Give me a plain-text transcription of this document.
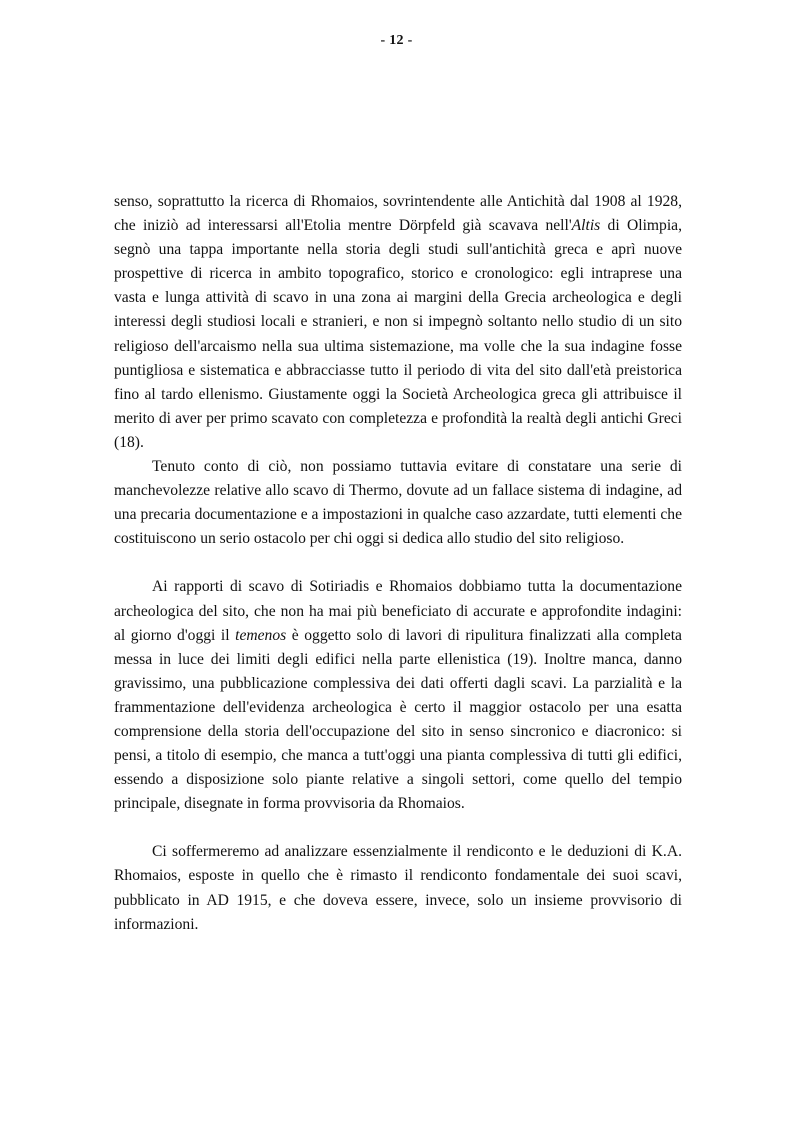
- 12 -

senso, soprattutto la ricerca di Rhomaios, sovrintendente alle Antichità dal 1908 al 1928, che iniziò ad interessarsi all'Etolia mentre Dörpfeld già scavava nell'Altis di Olimpia, segnò una tappa importante nella storia degli studi sull'antichità greca e aprì nuove prospettive di ricerca in ambito topografico, storico e cronologico: egli intraprese una vasta e lunga attività di scavo in una zona ai margini della Grecia archeologica e degli interessi degli studiosi locali e stranieri, e non si impegnò soltanto nello studio di un sito religioso dell'arcaismo nella sua ultima sistemazione, ma volle che la sua indagine fosse puntigliosa e sistematica e abbracciasse tutto il periodo di vita del sito dall'età preistorica fino al tardo ellenismo. Giustamente oggi la Società Archeologica greca gli attribuisce il merito di aver per primo scavato con completezza e profondità la realtà degli antichi Greci (18).

Tenuto conto di ciò, non possiamo tuttavia evitare di constatare una serie di manchevolezze relative allo scavo di Thermo, dovute ad un fallace sistema di indagine, ad una precaria documentazione e a impostazioni in qualche caso azzardate, tutti elementi che costituiscono un serio ostacolo per chi oggi si dedica allo studio del sito religioso.

Ai rapporti di scavo di Sotiriadis e Rhomaios dobbiamo tutta la documentazione archeologica del sito, che non ha mai più beneficiato di accurate e approfondite indagini: al giorno d'oggi il temenos è oggetto solo di lavori di ripulitura finalizzati alla completa messa in luce dei limiti degli edifici nella parte ellenistica (19). Inoltre manca, danno gravissimo, una pubblicazione complessiva dei dati offerti dagli scavi. La parzialità e la frammentazione dell'evidenza archeologica è certo il maggior ostacolo per una esatta comprensione della storia dell'occupazione del sito in senso sincronico e diacronico: si pensi, a titolo di esempio, che manca a tutt'oggi una pianta complessiva di tutti gli edifici, essendo a disposizione solo piante relative a singoli settori, come quello del tempio principale, disegnate in forma provvisoria da Rhomaios.

Ci soffermeremo ad analizzare essenzialmente il rendiconto e le deduzioni di K.A. Rhomaios, esposte in quello che è rimasto il rendiconto fondamentale dei suoi scavi, pubblicato in AD 1915, e che doveva essere, invece, solo un insieme provvisorio di informazioni.
